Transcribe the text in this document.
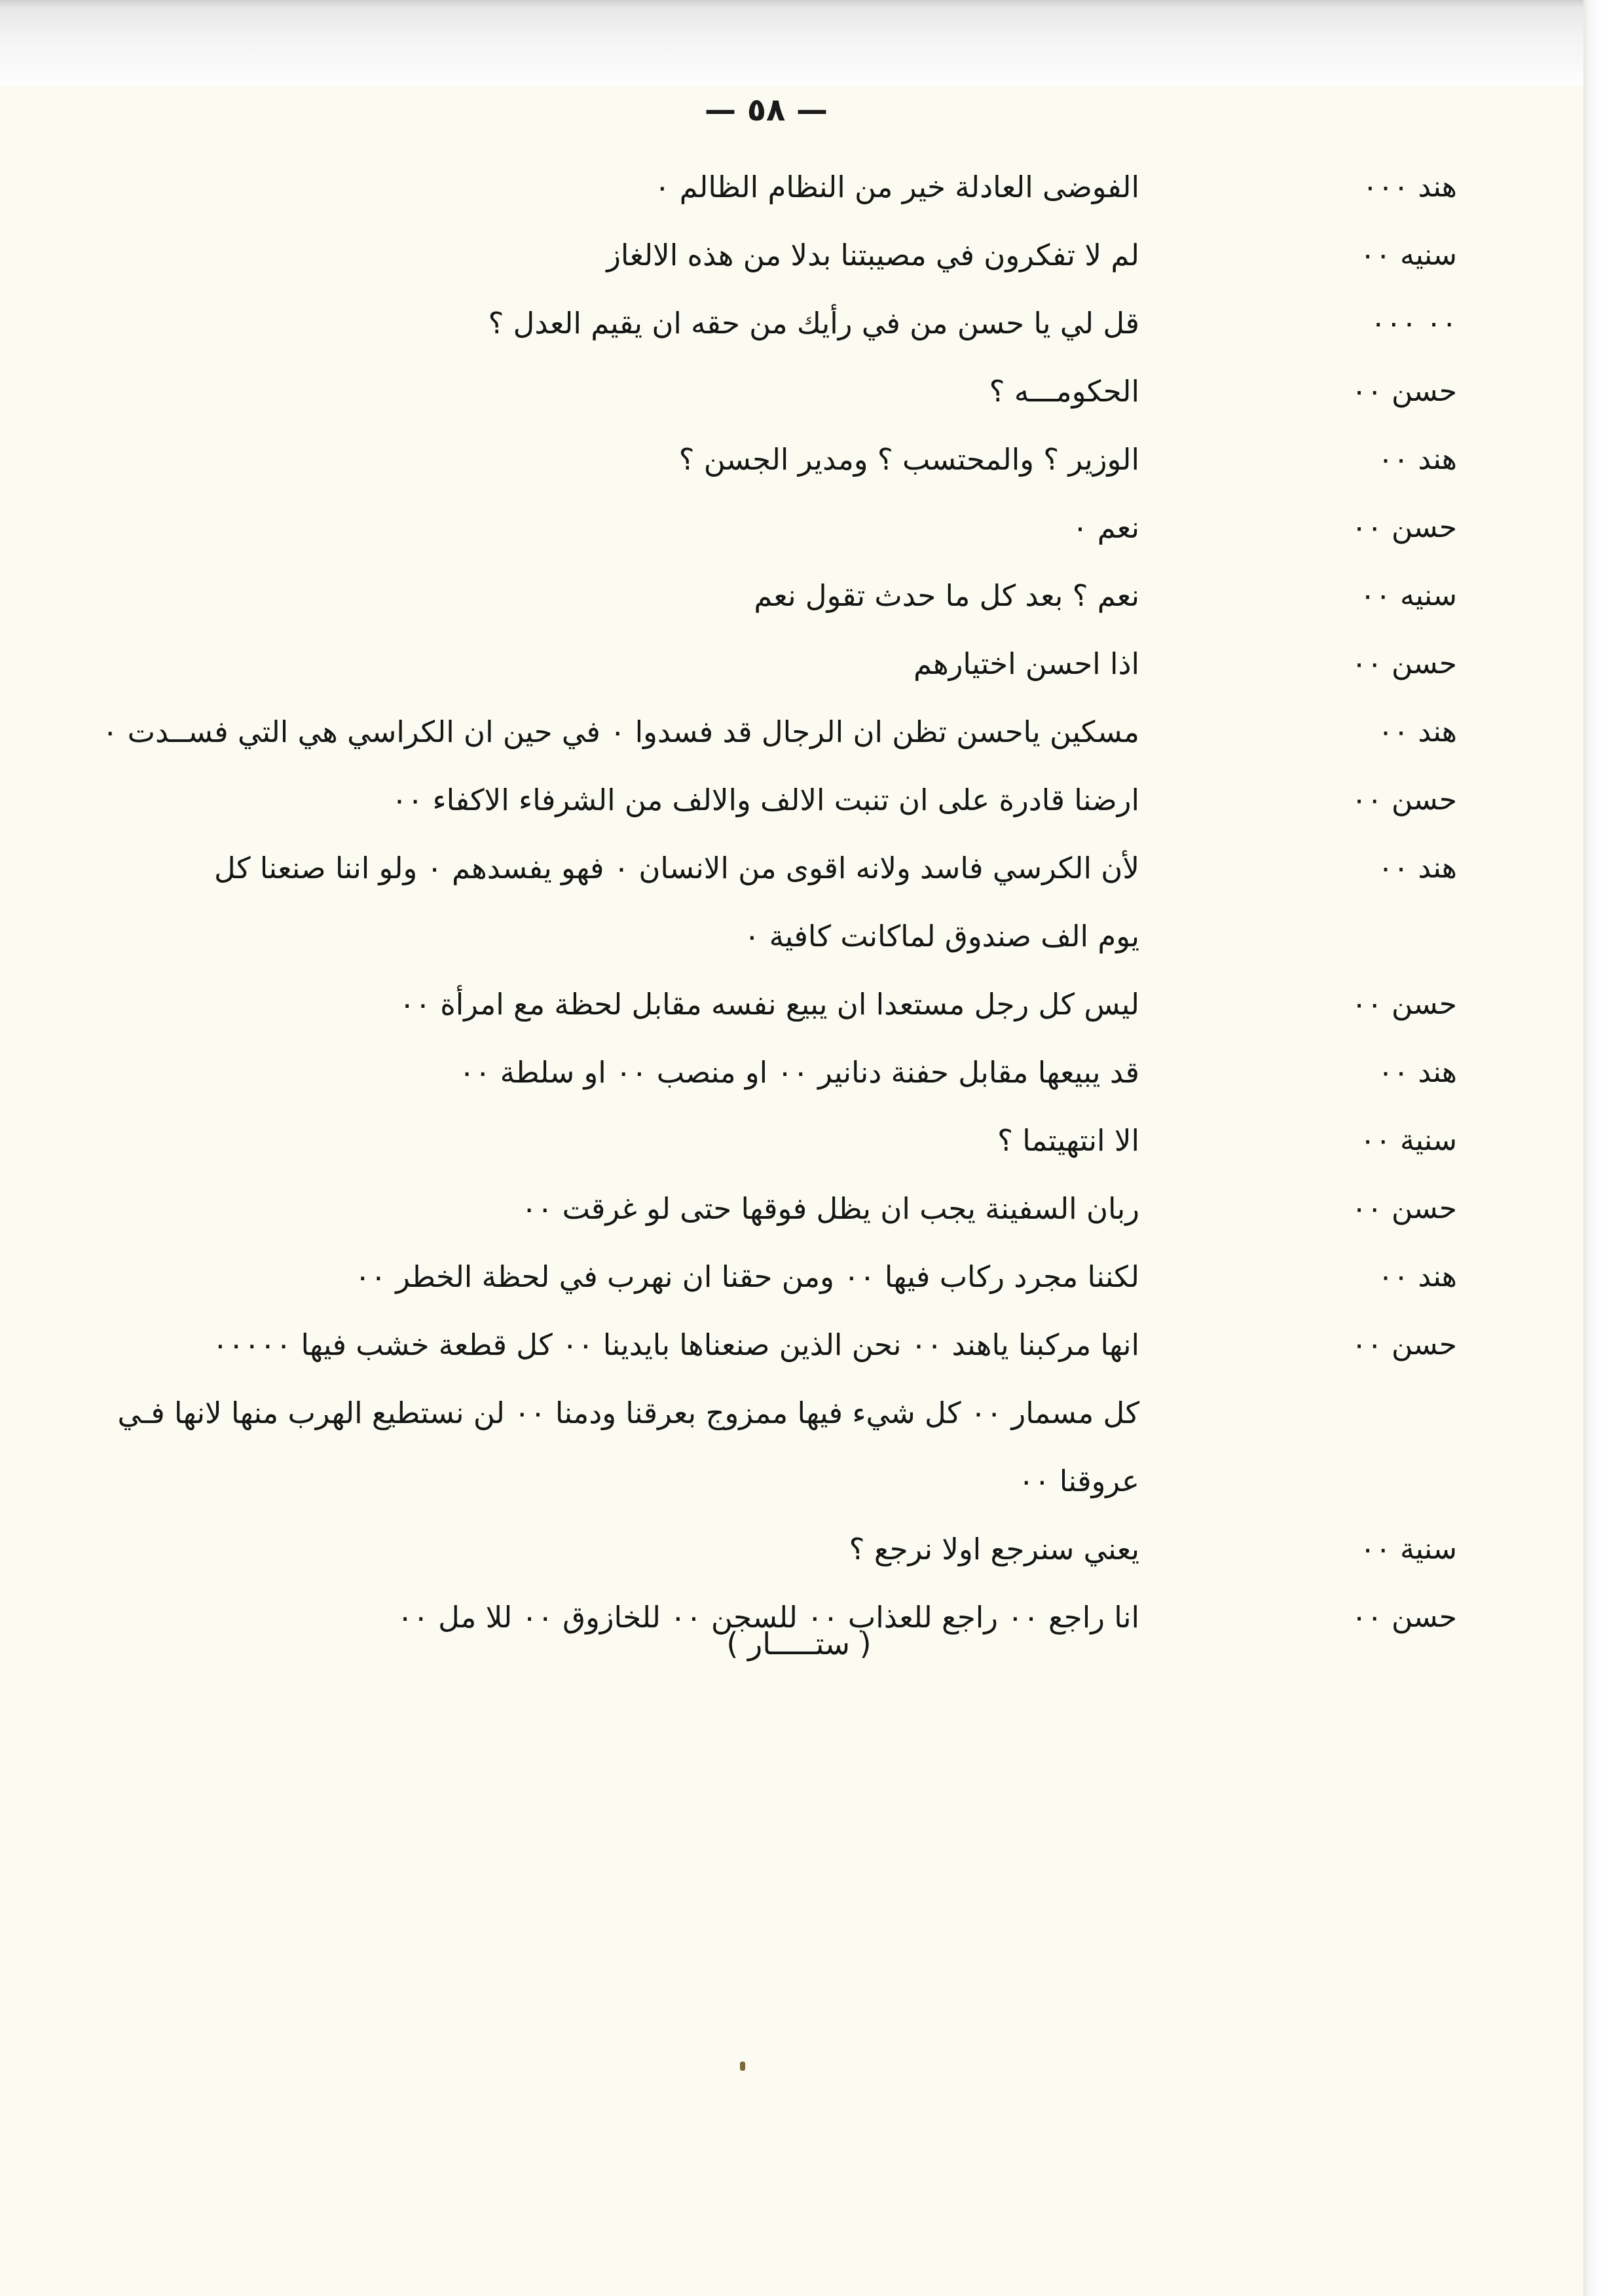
— ٥٨ —
هند ٠٠٠
الفوضى العادلة خير من النظام الظالم ٠
سنيه ٠٠
لم لا تفكرون في مصيبتنا بدلا من هذه الالغاز
٠٠ ٠٠٠
قل لي يا حسن من في رأيك من حقه ان يقيم العدل ؟
حسن ٠٠
الحكومـــه ؟
هند ٠٠
الوزير ؟ والمحتسب ؟ ومدير الجسن ؟
حسن ٠٠
نعم ٠
سنيه ٠٠
نعم ؟ بعد كل ما حدث تقول نعم
حسن ٠٠
اذا احسن اختيارهم
هند ٠٠
مسكين ياحسن تظن ان الرجال قد فسدوا ٠ في حين ان الكراسي هي التي فســدت ٠
حسن ٠٠
ارضنا قادرة على ان تنبت الالف والالف من الشرفاء الاكفاء ٠٠
هند ٠٠
لأن الكرسي فاسد ولانه اقوى من الانسان ٠ فهو يفسدهم ٠ ولو اننا صنعنا كل
يوم الف صندوق لماكانت كافية ٠
حسن ٠٠
ليس كل رجل مستعدا ان يبيع نفسه مقابل لحظة مع امرأة ٠٠
هند ٠٠
قد يبيعها مقابل حفنة دنانير ٠٠ او منصب ٠٠ او سلطة ٠٠
سنية ٠٠
الا انتهيتما ؟
حسن ٠٠
ربان السفينة يجب ان يظل فوقها حتى لو غرقت ٠٠
هند ٠٠
لكننا مجرد ركاب فيها ٠٠ ومن حقنا ان نهرب في لحظة الخطر ٠٠
حسن ٠٠
انها مركبنا ياهند ٠٠ نحن الذين صنعناها بايدينا ٠٠ كل قطعة خشب فيها ٠٠٠٠٠
كل مسمار ٠٠ كل شيء فيها ممزوج بعرقنا ودمنا ٠٠ لن نستطيع الهرب منها لانها فـي
عروقنا ٠٠
سنية ٠٠
يعني سنرجع اولا نرجع ؟
حسن ٠٠
انا راجع ٠٠ راجع للعذاب ٠٠ للسجن ٠٠ للخازوق ٠٠ للا مل ٠٠
( ستـــــار )
